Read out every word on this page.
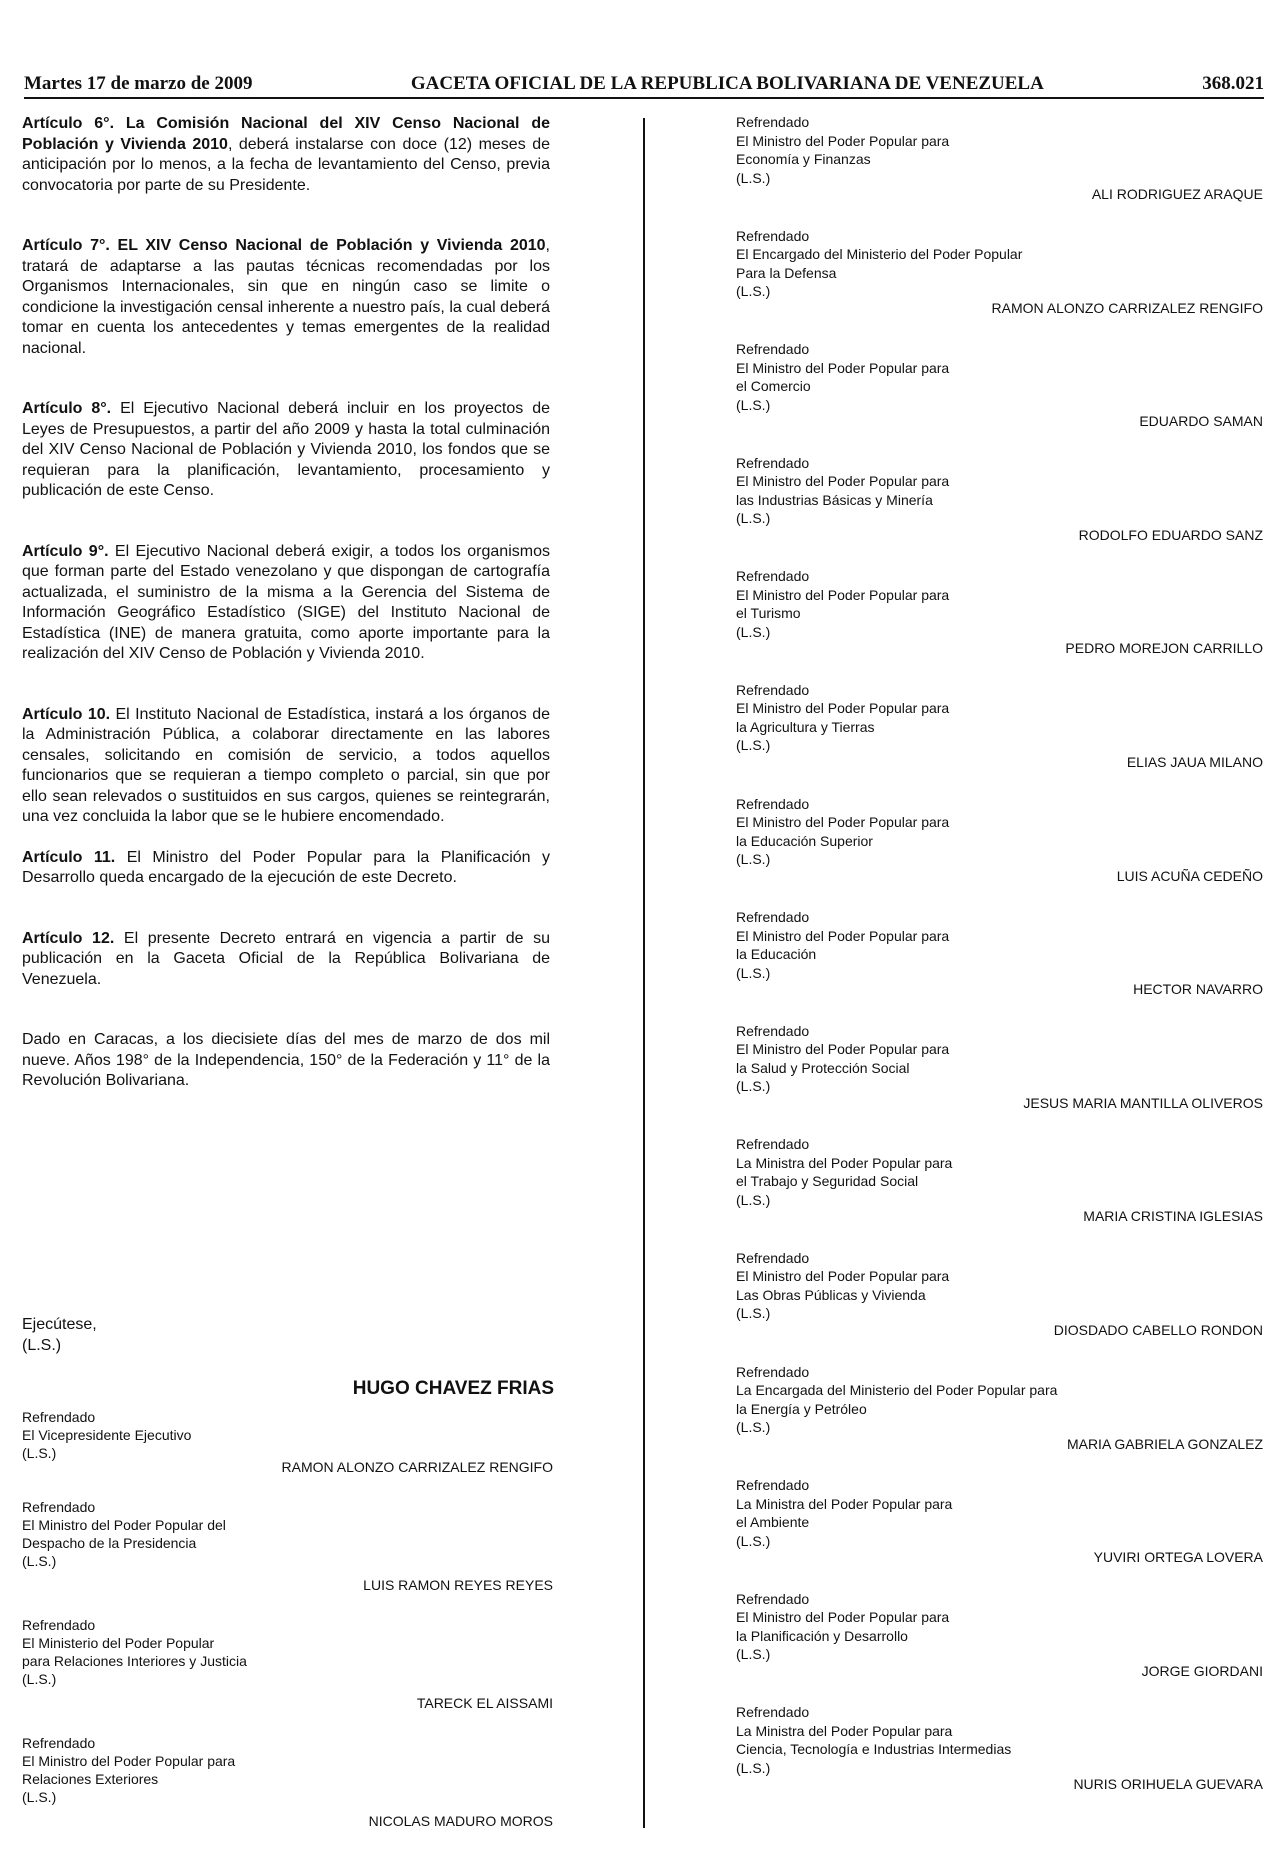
Martes 17 de marzo de 2009	GACETA OFICIAL DE LA REPUBLICA BOLIVARIANA DE VENEZUELA	368.021

Artículo 6°. La Comisión Nacional del XIV Censo Nacional de Población y Vivienda 2010, deberá instalarse con doce (12) meses de anticipación por lo menos, a la fecha de levantamiento del Censo, previa convocatoria por parte de su Presidente.

Artículo 7°. EL XIV Censo Nacional de Población y Vivienda 2010, tratará de adaptarse a las pautas técnicas recomendadas por los Organismos Internacionales, sin que en ningún caso se limite o condicione la investigación censal inherente a nuestro país, la cual deberá tomar en cuenta los antecedentes y temas emergentes de la realidad nacional.

Artículo 8°. El Ejecutivo Nacional deberá incluir en los proyectos de Leyes de Presupuestos, a partir del año 2009 y hasta la total culminación del XIV Censo Nacional de Población y Vivienda 2010, los fondos que se requieran para la planificación, levantamiento, procesamiento y publicación de este Censo.

Artículo 9°. El Ejecutivo Nacional deberá exigir, a todos los organismos que forman parte del Estado venezolano y que dispongan de cartografía actualizada, el suministro de la misma a la Gerencia del Sistema de Información Geográfico Estadístico (SIGE) del Instituto Nacional de Estadística (INE) de manera gratuita, como aporte importante para la realización del XIV Censo de Población y Vivienda 2010.

Artículo 10. El Instituto Nacional de Estadística, instará a los órganos de la Administración Pública, a colaborar directamente en las labores censales, solicitando en comisión de servicio, a todos aquellos funcionarios que se requieran a tiempo completo o parcial, sin que por ello sean relevados o sustituidos en sus cargos, quienes se reintegrarán, una vez concluida la labor que se le hubiere encomendado.

Artículo 11. El Ministro del Poder Popular para la Planificación y Desarrollo queda encargado de la ejecución de este Decreto.

Artículo 12. El presente Decreto entrará en vigencia a partir de su publicación en la Gaceta Oficial de la República Bolivariana de Venezuela.

Dado en Caracas, a los diecisiete días del mes de marzo de dos mil nueve. Años 198° de la Independencia, 150° de la Federación y 11° de la Revolución Bolivariana.

Ejecútese,
(L.S.)
HUGO CHAVEZ FRIAS
Refrendado
El Vicepresidente Ejecutivo
(L.S.)
RAMON ALONZO CARRIZALEZ RENGIFO
Refrendado
El Ministro del Poder Popular del
Despacho de la Presidencia
(L.S.)
LUIS RAMON REYES REYES
Refrendado
El Ministerio del Poder Popular
para Relaciones Interiores y Justicia
(L.S.)
TARECK EL AISSAMI
Refrendado
El Ministro del Poder Popular para
Relaciones Exteriores
(L.S.)
NICOLAS MADURO MOROS
Refrendado
El Ministro del Poder Popular para
Economía y Finanzas
(L.S.)
ALI RODRIGUEZ ARAQUE
Refrendado
El Encargado del Ministerio del Poder Popular
Para la Defensa
(L.S.)
RAMON ALONZO CARRIZALEZ RENGIFO
Refrendado
El Ministro del Poder Popular para
el Comercio
(L.S.)
EDUARDO SAMAN
Refrendado
El Ministro del Poder Popular para
las Industrias Básicas y Minería
(L.S.)
RODOLFO EDUARDO SANZ
Refrendado
El Ministro del Poder Popular para
el Turismo
(L.S.)
PEDRO MOREJON CARRILLO
Refrendado
El Ministro del Poder Popular para
la Agricultura y Tierras
(L.S.)
ELIAS JAUA MILANO
Refrendado
El Ministro del Poder Popular para
la Educación Superior
(L.S.)
LUIS ACUÑA CEDEÑO
Refrendado
El Ministro del Poder Popular para
la Educación
(L.S.)
HECTOR NAVARRO
Refrendado
El Ministro del Poder Popular para
la Salud y Protección Social
(L.S.)
JESUS MARIA MANTILLA OLIVEROS
Refrendado
La Ministra del Poder Popular para
el Trabajo y Seguridad Social
(L.S.)
MARIA CRISTINA IGLESIAS
Refrendado
El Ministro del Poder Popular para
Las Obras Públicas y Vivienda
(L.S.)
DIOSDADO CABELLO RONDON
Refrendado
La Encargada del Ministerio del Poder Popular para
la Energía y Petróleo
(L.S.)
MARIA GABRIELA GONZALEZ
Refrendado
La Ministra del Poder Popular para
el Ambiente
(L.S.)
YUVIRI ORTEGA LOVERA
Refrendado
El Ministro del Poder Popular para
la Planificación y Desarrollo
(L.S.)
JORGE GIORDANI
Refrendado
La Ministra del Poder Popular para
Ciencia, Tecnología e Industrias Intermedias
(L.S.)
NURIS ORIHUELA GUEVARA
